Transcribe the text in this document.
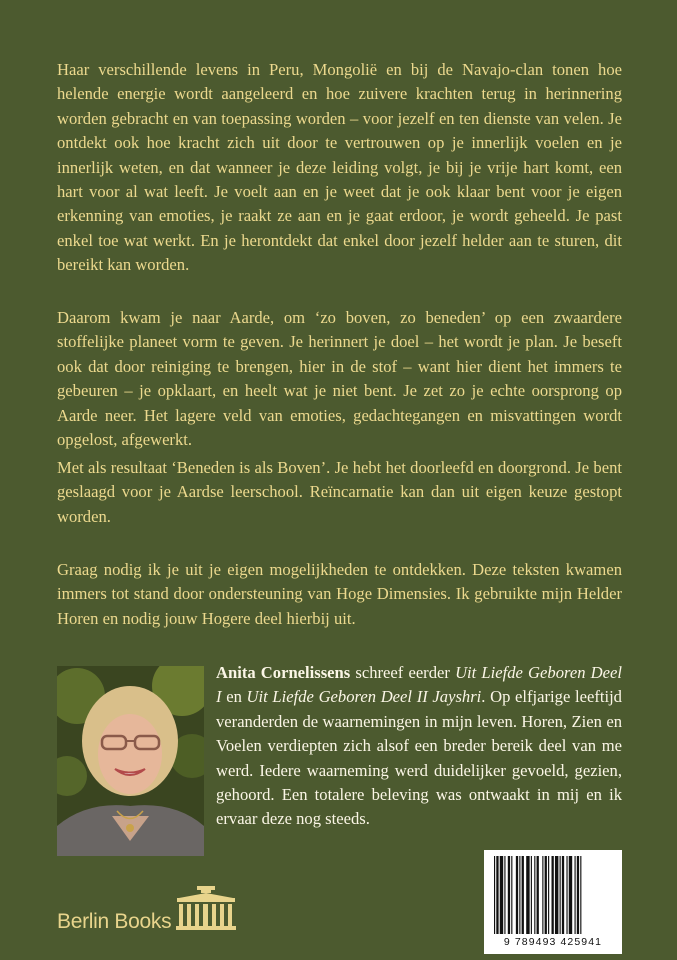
Haar verschillende levens in Peru, Mongolië en bij de Navajo-clan tonen hoe helende energie wordt aangeleerd en hoe zuivere krachten terug in herinnering worden gebracht en van toepassing worden – voor jezelf en ten dienste van velen. Je ontdekt ook hoe kracht zich uit door te vertrouwen op je innerlijk voelen en je innerlijk weten, en dat wanneer je deze leiding volgt, je bij je vrije hart komt, een hart voor al wat leeft. Je voelt aan en je weet dat je ook klaar bent voor je eigen erkenning van emoties, je raakt ze aan en je gaat erdoor, je wordt geheeld. Je past enkel toe wat werkt. En je herontdekt dat enkel door jezelf helder aan te sturen, dit bereikt kan worden.

Daarom kwam je naar Aarde, om ‘zo boven, zo beneden’ op een zwaardere stoffelijke planeet vorm te geven. Je herinnert je doel – het wordt je plan. Je beseft ook dat door reiniging te brengen, hier in de stof – want hier dient het immers te gebeuren – je opklaart, en heelt wat je niet bent. Je zet zo je echte oorsprong op Aarde neer. Het lagere veld van emoties, gedachtegangen en misvattingen wordt opgelost, afgewerkt.

Met als resultaat ‘Beneden is als Boven’. Je hebt het doorleefd en doorgrond. Je bent geslaagd voor je Aardse leerschool. Reïncarnatie kan dan uit eigen keuze gestopt worden.

Graag nodig ik je uit je eigen mogelijkheden te ontdekken. Deze teksten kwamen immers tot stand door ondersteuning van Hoge Dimensies. Ik gebruikte mijn Helder Horen en nodig jouw Hogere deel hierbij uit.

Anita Cornelissens schreef eerder Uit Liefde Geboren Deel I en Uit Liefde Geboren Deel II Jayshri. Op elfjarige leeftijd veranderden de waarnemingen in mijn leven. Horen, Zien en Voelen verdiepten zich alsof een breder bereik deel van me werd. Iedere waarneming werd duidelijker gevoeld, gezien, gehoord. Een totalere beleving was ontwaakt in mij en ik ervaar deze nog steeds.

Berlin Books
9 789493 425941
